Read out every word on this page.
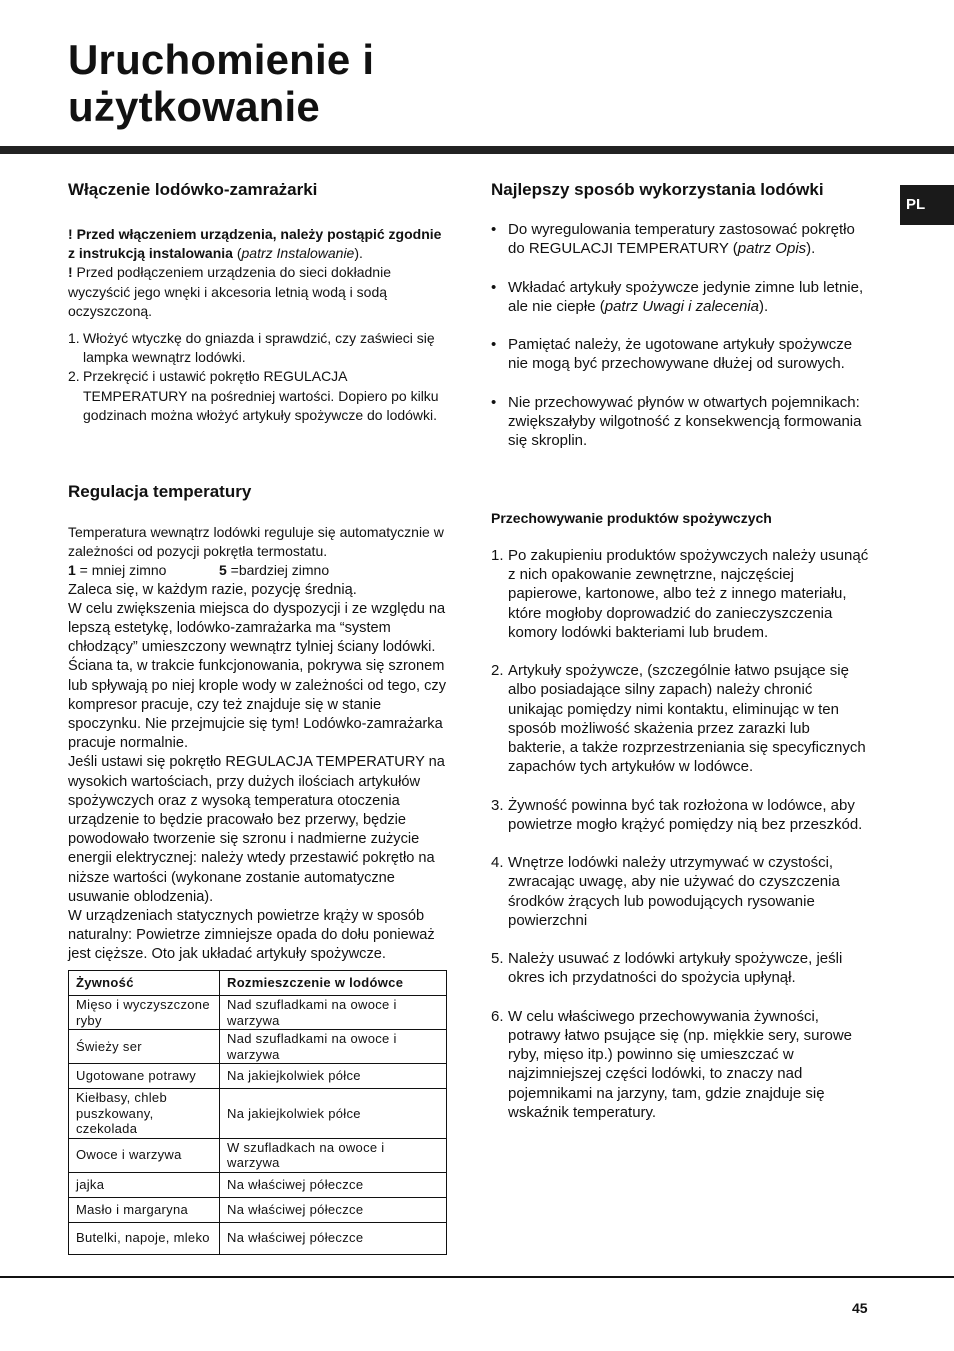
Uruchomienie i
użytkowanie
PL
Włączenie lodówko-zamrażarki

! Przed włączeniem urządzenia, należy postąpić zgodnie z instrukcją instalowania (patrz Instalowanie).

! Przed podłączeniem urządzenia do sieci dokładnie wyczyścić jego wnęki i akcesoria letnią wodą i sodą oczyszczoną.

1. Włożyć wtyczkę do gniazda i sprawdzić, czy zaświeci się lampka wewnątrz lodówki.
2. Przekręcić i ustawić pokrętło REGULACJA TEMPERATURY na pośredniej wartości. Dopiero po kilku godzinach można włożyć artykuły spożywcze do lodówki.
Regulacja temperatury

Temperatura wewnątrz lodówki reguluje się automatycznie w zależności od pozycji pokrętła termostatu.

1 = mniej zimno	5 =bardziej zimno

Zaleca się, w każdym razie, pozycję średnią.
W celu zwiększenia miejsca do dyspozycji i ze względu na lepszą estetykę, lodówko-zamrażarka ma “system chłodzący” umieszczony wewnątrz tylniej ściany lodówki. Ściana ta, w trakcie funkcjonowania, pokrywa się szronem lub spływają po niej krople wody w zależności od tego, czy kompresor pracuje, czy też znajduje się w stanie spoczynku. Nie przejmujcie się tym! Lodówko-zamrażarka pracuje normalnie.
Jeśli ustawi się pokrętło REGULACJA TEMPERATURY na wysokich wartościach, przy dużych ilościach artykułów spożywczych oraz z wysoką temperatura otoczenia urządzenie to będzie pracowało bez przerwy, będzie powodowało tworzenie się szronu i nadmierne zużycie energii elektrycznej: należy wtedy przestawić pokrętło na niższe wartości (wykonane zostanie automatyczne usuwanie oblodzenia).
W urządzeniach statycznych powietrze krąży w sposób naturalny: Powietrze zimniejsze opada do dołu ponieważ jest cięższe. Oto jak układać artykuły spożywcze.

Żywność	Rozmieszczenie w lodówce
Mięso i wyczyszczone ryby	Nad szufladkami na owoce i warzywa
Świeży ser	Nad szufladkami na owoce i warzywa
Ugotowane potrawy	Na jakiejkolwiek półce
Kiełbasy, chleb puszkowany, czekolada	Na jakiejkolwiek półce
Owoce i warzywa	W szufladkach na owoce i warzywa
jajka	Na właściwej półeczce
Masło i margaryna	Na właściwej półeczce
Butelki, napoje, mleko	Na właściwej półeczce
Najlepszy sposób wykorzystania lodówki
• Do wyregulowania temperatury zastosować pokrętło do REGULACJI TEMPERATURY (patrz Opis).
• Wkładać artykuły spożywcze jedynie zimne lub letnie, ale nie ciepłe (patrz Uwagi i zalecenia).
• Pamiętać należy, że ugotowane artykuły spożywcze nie mogą być przechowywane dłużej od surowych.
• Nie przechowywać płynów w otwartych pojemnikach: zwiększałyby wilgotność z konsekwencją formowania się skroplin.
Przechowywanie produktów spożywczych
1. Po zakupieniu produktów spożywczych należy usunąć z nich opakowanie zewnętrzne, najczęściej papierowe, kartonowe, albo też z innego materiału, które mogłoby doprowadzić do zanieczyszczenia komory lodówki bakteriami lub brudem.
2. Artykuły spożywcze, (szczególnie łatwo psujące się albo posiadające silny zapach) należy chronić unikając pomiędzy nimi kontaktu, eliminując w ten sposób możliwość skażenia przez zarazki lub bakterie, a także rozprzestrzeniania się specyficznych zapachów tych artykułów w lodówce.
3. Żywność powinna być tak rozłożona w lodówce, aby powietrze mogło krążyć pomiędzy nią bez przeszkód.
4. Wnętrze lodówki należy utrzymywać w czystości, zwracając uwagę, aby nie używać do czyszczenia środków żrących lub powodujących rysowanie powierzchni
5. Należy usuwać z lodówki artykuły spożywcze, jeśli okres ich przydatności do spożycia upłynął.
6. W celu właściwego przechowywania żywności, potrawy łatwo psujące się (np. miękkie sery, surowe ryby, mięso itp.) powinno się umieszczać w najzimniejszej części lodówki, to znaczy nad pojemnikami na jarzyny, tam, gdzie znajduje się wskaźnik temperatury.
45
